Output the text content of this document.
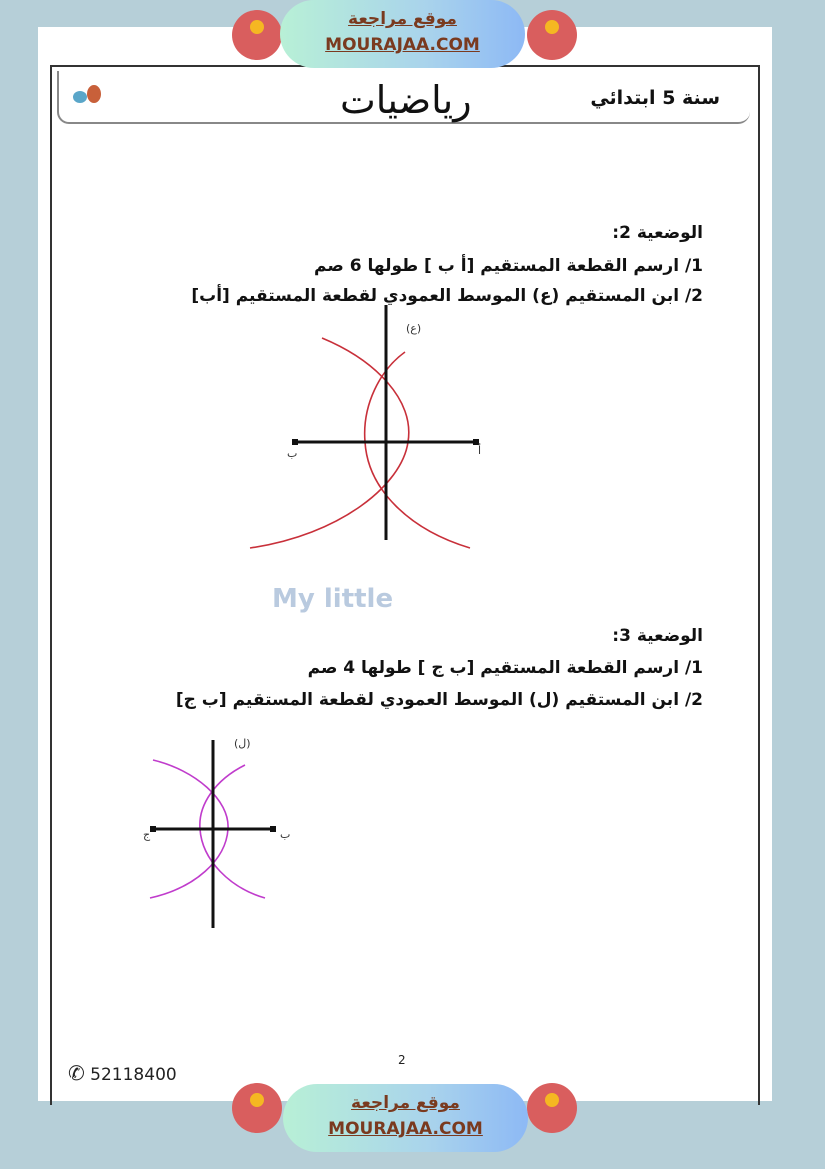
رياضيات	سنة 5 ابتدائي
My little
موقع مراجعة
MOURAJAA.COM
الوضعية 2:
1/ ارسم القطعة المستقيم [أ ب ] طولها 6 صم
2/ ابن المستقيم (ع) الموسط العمودي لقطعة المستقيم [أب]
الوضعية 3:
1/ ارسم القطعة المستقيم [ب ج ] طولها 4 صم
2/ ابن المستقيم (ل) الموسط العمودي لقطعة المستقيم [ب ج]
ب	أ
(ع)
ج	ب
(ل)
✆ 52118400
2
موقع مراجعة
MOURAJAA.COM
